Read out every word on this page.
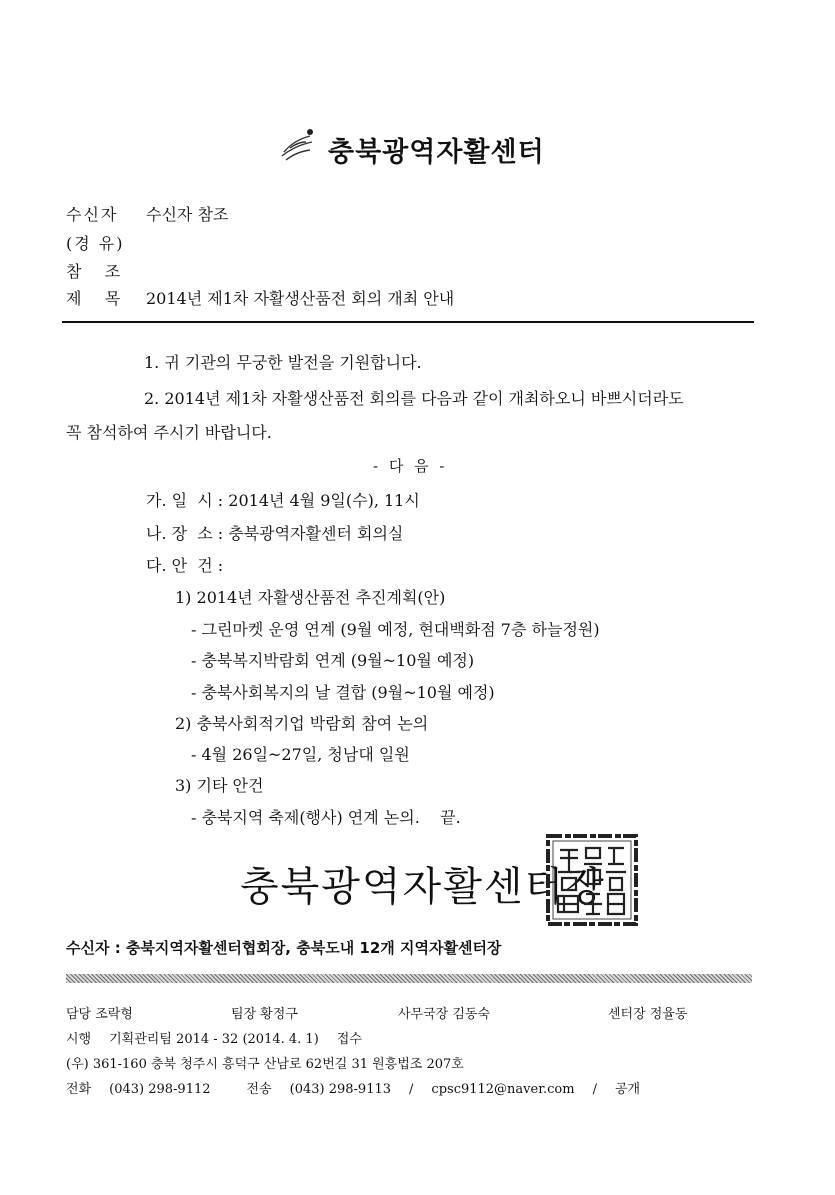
충북광역자활센터
수신자 수신자 참조
(경 유)
참   조
제   목 2014년 제1차 자활생산품전 회의 개최 안내
1. 귀 기관의 무궁한 발전을 기원합니다.
2. 2014년 제1차 자활생산품전 회의를 다음과 같이 개최하오니 바쁘시더라도
꼭 참석하여 주시기 바랍니다.
- 다 음 -
가. 일  시 : 2014년 4월 9일(수), 11시
나. 장  소 : 충북광역자활센터 회의실
다. 안  건 :
1) 2014년 자활생산품전 추진계획(안)
- 그린마켓 운영 연계 (9월 예정, 현대백화점 7층 하늘정원)
- 충북복지박람회 연계 (9월~10월 예정)
- 충북사회복지의 날 결합 (9월~10월 예정)
2) 충북사회적기업 박람회 참여 논의
- 4월 26일~27일, 청남대 일원
3) 기타 안건
- 충북지역 축제(행사) 연계 논의.    끝.
충북광역자활센터장
수신자 : 충북지역자활센터협회장, 충북도내 12개 지역자활센터장
담당 조락형	팀장 황정구	사무국장 김동숙	센터장 정율동
시행 기획관리팀 2014 - 32 (2014. 4. 1) 접수
(우) 361-160 충북 청주시 흥덕구 산남로 62번길 31 원흥법조 207호
전화 (043) 298-9112	전송 (043) 298-9113 / cpsc9112@naver.com / 공개
